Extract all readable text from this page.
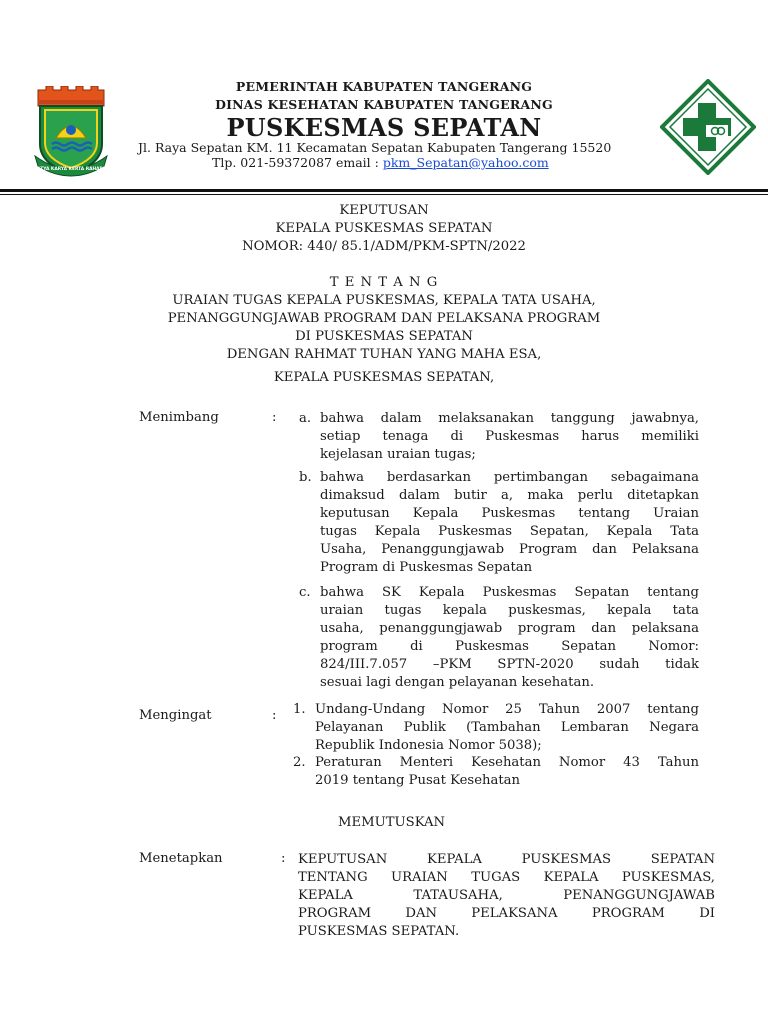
SATYA KARYA KERTA RAHARJA
PEMERINTAH KABUPATEN TANGERANG
DINAS KESEHATAN KABUPATEN TANGERANG
PUSKESMAS SEPATAN
Jl. Raya Sepatan KM. 11 Kecamatan Sepatan Kabupaten Tangerang 15520
Tlp. 021-59372087 email : pkm_Sepatan@yahoo.com
KEPUTUSAN
KEPALA PUSKESMAS SEPATAN
NOMOR: 440/ 85.1/ADM/PKM-SPTN/2022
T E N T A N G
URAIAN TUGAS KEPALA PUSKESMAS, KEPALA TATA USAHA,
PENANGGUNGJAWAB PROGRAM DAN PELAKSANA PROGRAM
DI PUSKESMAS SEPATAN
DENGAN RAHMAT TUHAN YANG MAHA ESA,
KEPALA PUSKESMAS SEPATAN,
Menimbang	: a. bahwa dalam melaksanakan tanggung jawabnya,
setiap tenaga di Puskesmas harus memiliki
kejelasan uraian tugas;
b. bahwa berdasarkan pertimbangan sebagaimana
dimaksud dalam butir a, maka perlu ditetapkan
keputusan Kepala Puskesmas tentang Uraian
tugas Kepala Puskesmas Sepatan, Kepala Tata
Usaha, Penanggungjawab Program dan Pelaksana
Program di Puskesmas Sepatan
c. bahwa SK Kepala Puskesmas Sepatan tentang
uraian tugas kepala puskesmas, kepala tata
usaha, penanggungjawab program dan pelaksana
program di Puskesmas Sepatan Nomor:
824/III.7.057 –PKM SPTN-2020 sudah tidak
sesuai lagi dengan pelayanan kesehatan.
Mengingat	: 1. Undang-Undang Nomor 25 Tahun 2007 tentang
Pelayanan Publik (Tambahan Lembaran Negara
Republik Indonesia Nomor 5038);
2. Peraturan Menteri Kesehatan Nomor 43 Tahun
2019 tentang Pusat Kesehatan
MEMUTUSKAN
Menetapkan	: KEPUTUSAN KEPALA PUSKESMAS SEPATAN
TENTANG URAIAN TUGAS KEPALA PUSKESMAS,
KEPALA TATAUSAHA, PENANGGUNGJAWAB
PROGRAM DAN PELAKSANA PROGRAM DI
PUSKESMAS SEPATAN.
